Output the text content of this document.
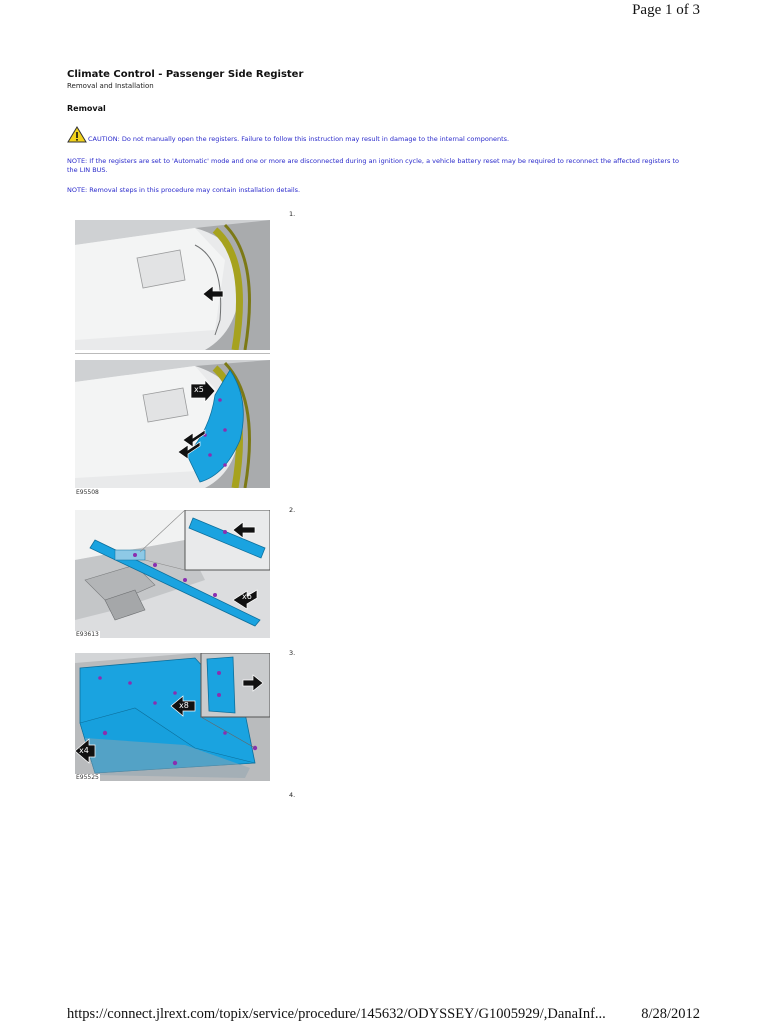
Page 1 of 3
Climate Control - Passenger Side Register
Removal and Installation
Removal
CAUTION: Do not manually open the registers. Failure to follow this instruction may result in damage to the internal components.
NOTE: If the registers are set to 'Automatic' mode and one or more are disconnected during an ignition cycle, a vehicle battery reset may be required to reconnect the affected registers to the LIN BUS.
NOTE: Removal steps in this procedure may contain installation details.
1.
2.
3.
4.
x5
E95508
x6
E93613
x8
x4
E95525
https://connect.jlrext.com/topix/service/procedure/145632/ODYSSEY/G1005929/,DanaInf... 8/28/2012
